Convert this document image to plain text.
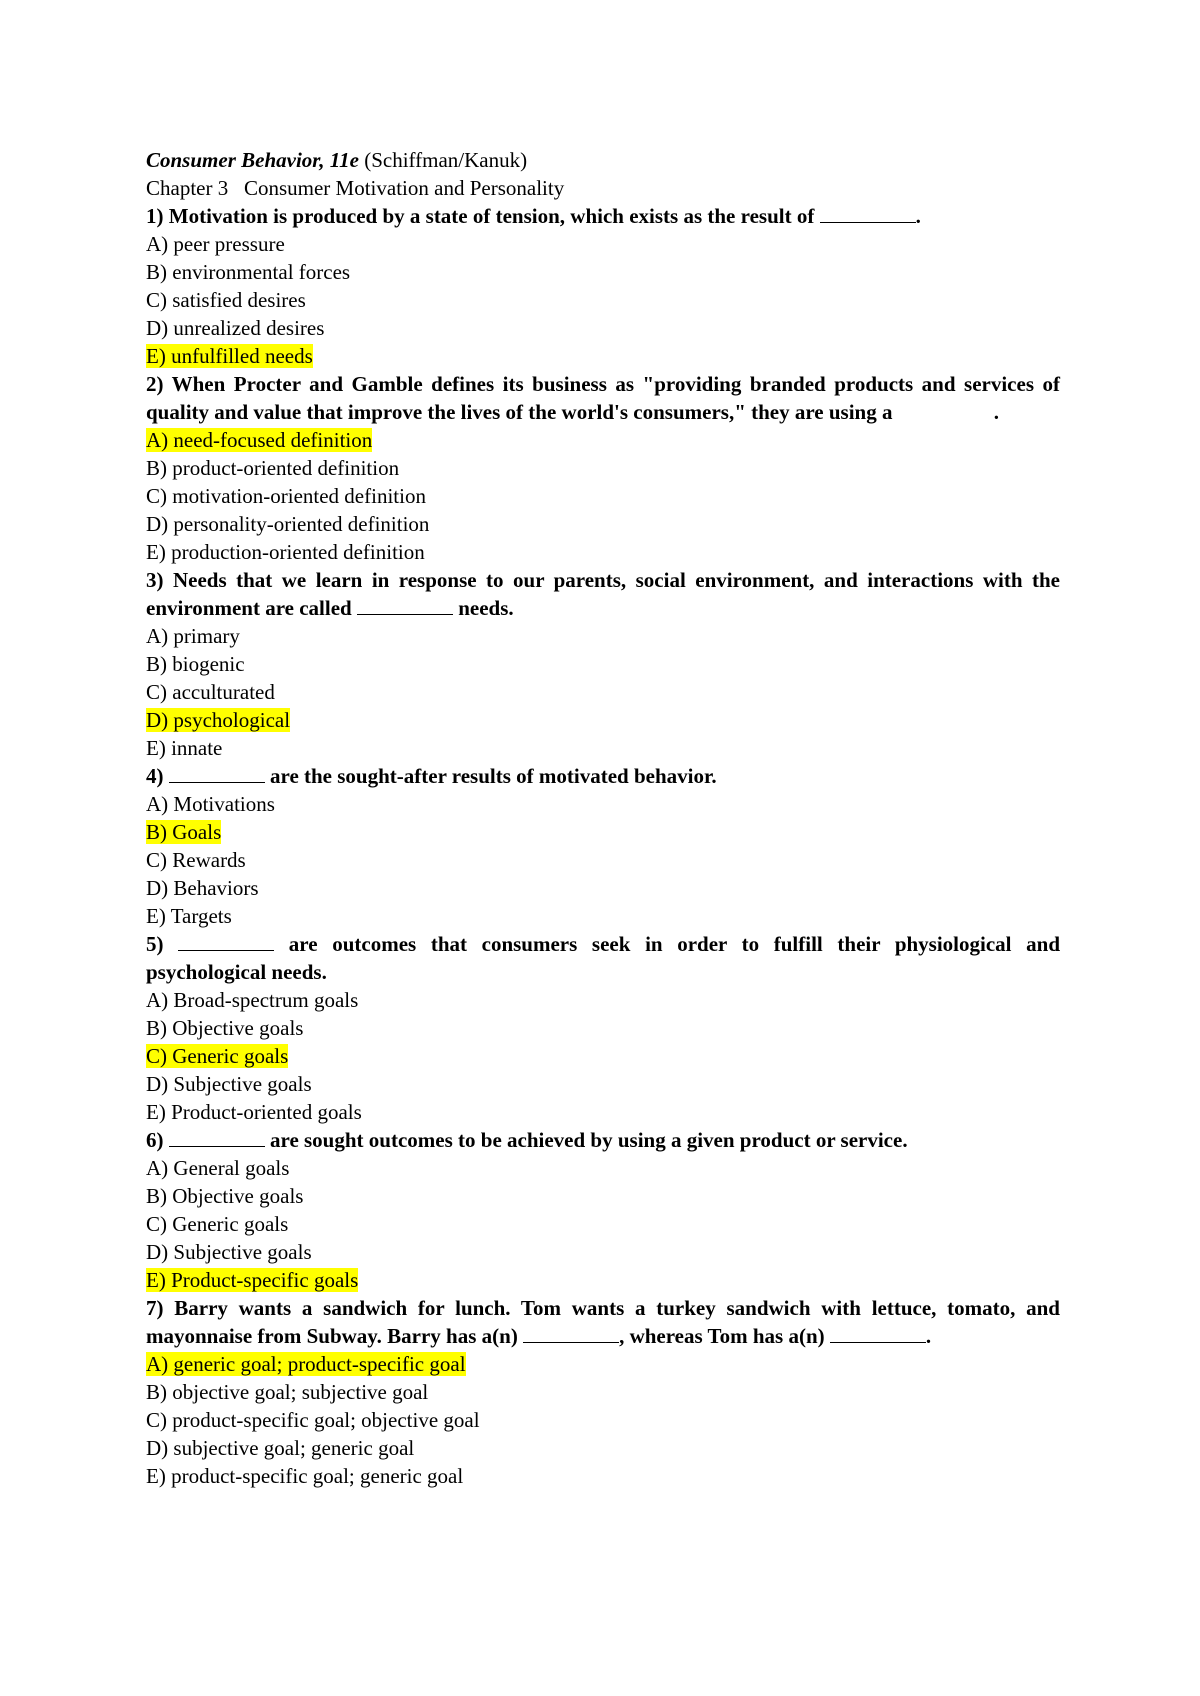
Consumer Behavior, 11e (Schiffman/Kanuk)
Chapter 3   Consumer Motivation and Personality
1) Motivation is produced by a state of tension, which exists as the result of	.
A) peer pressure
B) environmental forces
C) satisfied desires
D) unrealized desires
E) unfulfilled needs
2) When Procter and Gamble defines its business as "providing branded products and services of quality and value that improve the lives of the world's consumers," they are using a	.
A) need-focused definition
B) product-oriented definition
C) motivation-oriented definition
D) personality-oriented definition
E) production-oriented definition
3) Needs that we learn in response to our parents, social environment, and interactions with the environment are called	needs.
A) primary
B) biogenic
C) acculturated
D) psychological
E) innate
4)	are the sought-after results of motivated behavior.
A) Motivations
B) Goals
C) Rewards
D) Behaviors
E) Targets
5)	are outcomes that consumers seek in order to fulfill their physiological and psychological needs.
A) Broad-spectrum goals
B) Objective goals
C) Generic goals
D) Subjective goals
E) Product-oriented goals
6)	are sought outcomes to be achieved by using a given product or service.
A) General goals
B) Objective goals
C) Generic goals
D) Subjective goals
E) Product-specific goals
7) Barry wants a sandwich for lunch. Tom wants a turkey sandwich with lettuce, tomato, and mayonnaise from Subway. Barry has a(n)	, whereas Tom has a(n)	.
A) generic goal; product-specific goal
B) objective goal; subjective goal
C) product-specific goal; objective goal
D) subjective goal; generic goal
E) product-specific goal; generic goal
